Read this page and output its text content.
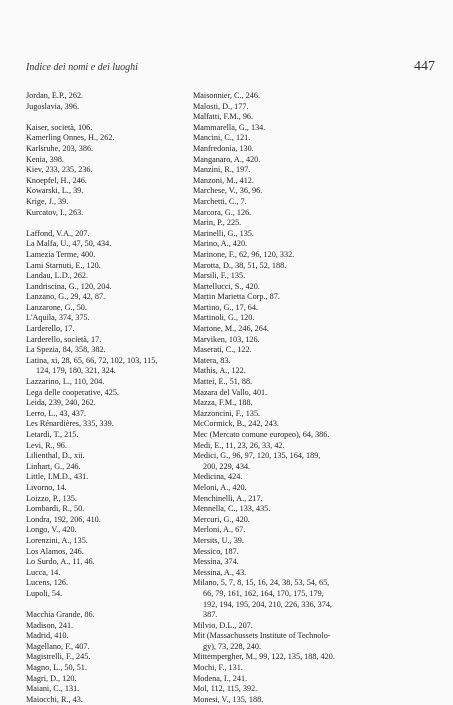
Indice dei nomi e dei luoghi	447
Jordan, E.P., 262.
Jugoslavia, 396.
Kaiser, società, 106.
Kamerling Onnes, H., 262.
Karlsruhe, 203, 386.
Kenia, 398.
Kiev, 233, 235, 236.
Knoepfel, H., 246.
Kowarski, L., 39.
Krige, J., 39.
Kurcatov, I., 263.
Laffond, V.A., 207.
La Malfa, U., 47, 50, 434.
Lamezia Terme, 400.
Lami Starnuti, E., 120.
Landau, L.D., 262.
Landriscina, G., 120, 204.
Lanzano, G., 29, 42, 87.
Lanzarone, G., 50.
L'Aquila, 374, 375.
Larderello, 17.
Larderello, società, 17.
La Spezia, 84, 358, 382.
Latina, xi, 28, 65, 66, 72, 102, 103, 115,
124, 179, 180, 321, 324.
Lazzarino, L., 110, 204.
Lega delle cooperative, 425.
Leida, 239, 240, 262.
Lerro, L., 43, 437.
Les Rénardières, 335, 339.
Letardi, T., 215.
Levi, R., 96.
Lilienthal, D., xii.
Linhart, G., 246.
Little, I.M.D., 431.
Livorno, 14.
Loizzo, P., 135.
Lombardi, R., 50.
Londra, 192, 206, 410.
Longo, V., 420.
Lorenzini, A., 135.
Los Alamos, 246.
Lo Surdo, A., 11, 46.
Lucca, 14.
Lucens, 126.
Lupoli, 54.
Macchia Grande, 86.
Madison, 241.
Madrid, 410.
Magellano, F., 407.
Magistrelli, F., 245.
Magno, L., 50, 51.
Magri, D., 120.
Maiani, C., 131.
Maiocchi, R., 43.
Maisonnier, C., 246.
Malosti, D., 177.
Malfatti, F.M., 96.
Mammarella, G., 134.
Mancini, C., 121.
Manfredonia, 130.
Manganaro, A., 420.
Manzini, R., 197.
Manzoni, M., 412.
Marchese, V., 36, 96.
Marchetti, C., 7.
Marcora, G., 126.
Marin, P., 225.
Marinelli, G., 135.
Marino, A., 420.
Marinone, F., 62, 96, 120, 332.
Marotta, D., 38, 51, 52, 188.
Marsili, F., 135.
Martellucci, S., 420.
Martin Marietta Corp., 87.
Martino, G., 17, 64.
Martinoli, G., 120.
Martone, M., 246, 264.
Marviken, 103, 126.
Maserati, C., 122.
Matera, 83.
Mathis, A., 122.
Mattei, E., 51, 88.
Mazara del Vallo, 401.
Mazza, F.M., 188.
Mazzoncini, F., 135.
McCormick, B., 242, 243.
Mec (Mercato comune europeo), 64, 386.
Medi, E., 11, 23, 26, 33, 42.
Medici, G., 96, 97, 120, 135, 164, 189,
200, 229, 434.
Medicina, 424.
Meloni, A., 420.
Menchinelli, A., 217.
Mennella, C., 133, 435.
Mercuri, G., 420.
Merloni, A., 67.
Mersits, U., 39.
Messico, 187.
Messina, 374.
Messina, A., 43.
Milano, 5, 7, 8, 15, 16, 24, 38, 53, 54, 65,
66, 79, 161, 162, 164, 170, 175, 179,
192, 194, 195, 204, 210, 226, 336, 374,
387.
Milvio, D.L., 207.
Mit (Massachussets Institute of Technolo-
gy), 73, 228, 240.
Mittempergher, M., 99, 122, 135, 188, 420.
Mochi, F., 131.
Modena, I., 241.
Mol, 112, 115, 392.
Monesi, V., 135, 188.
